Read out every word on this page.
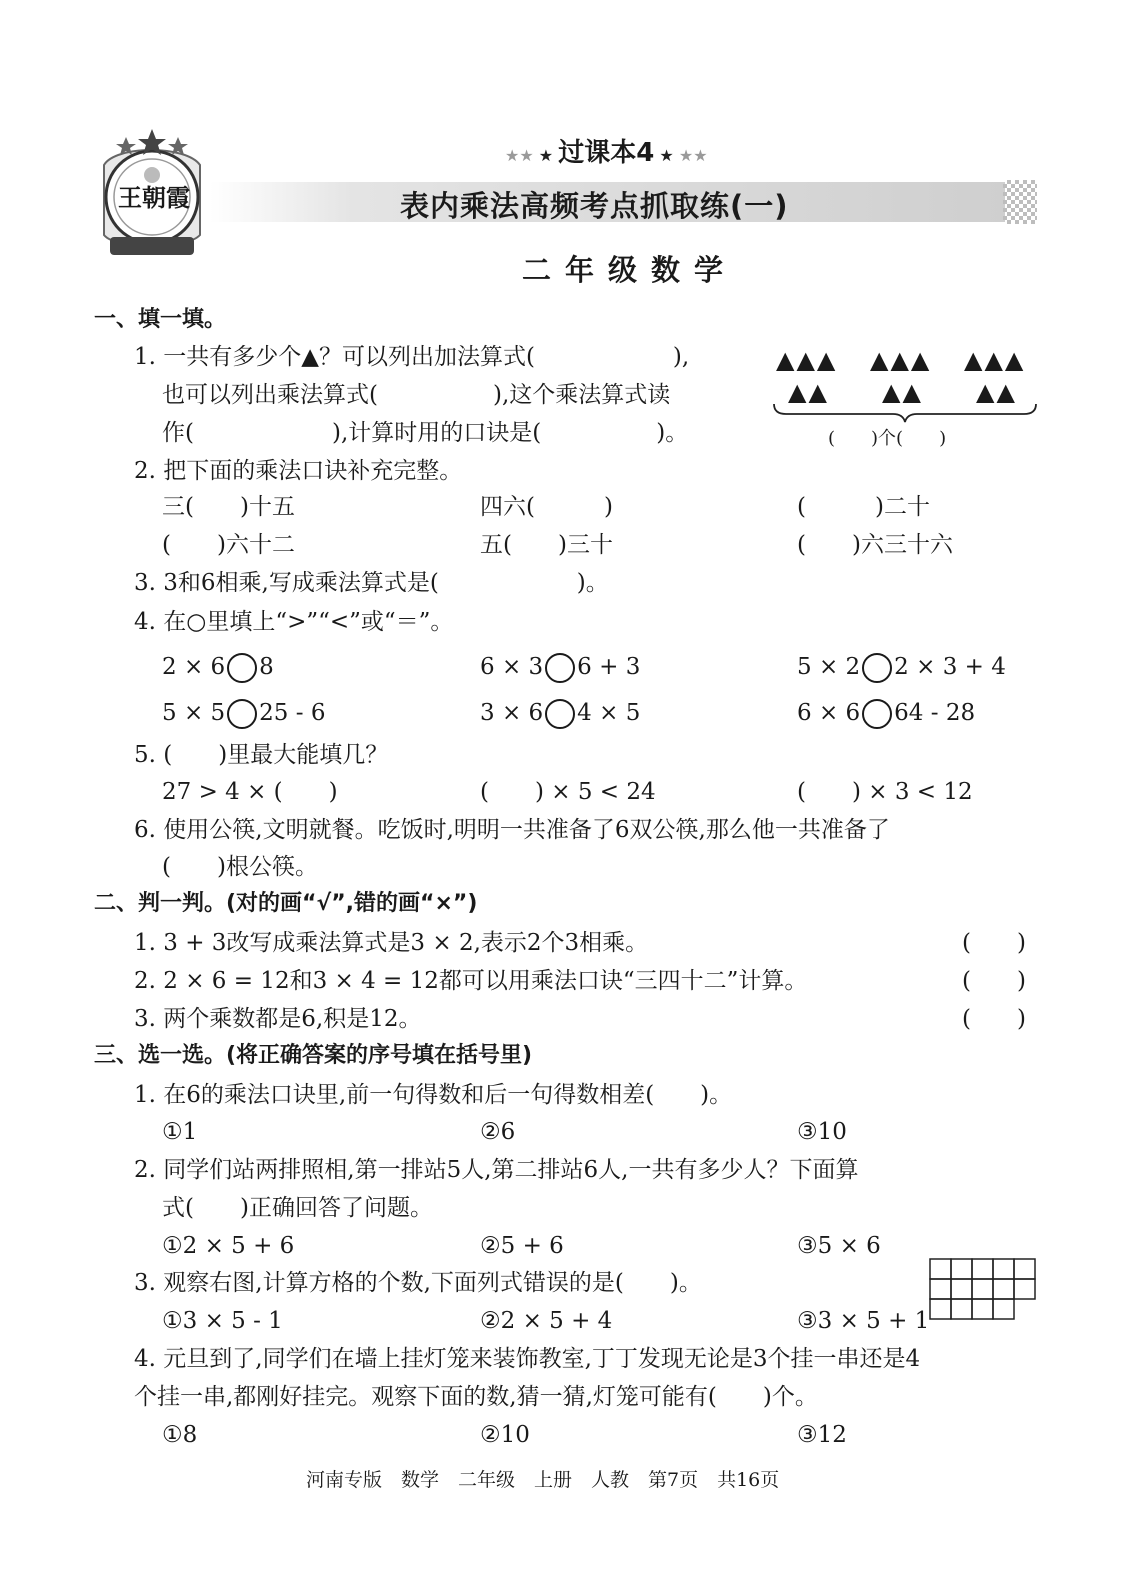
王朝霞
★★ ★ 过课本4 ★ ★★
表内乘法高频考点抓取练(一)
二年级数学
一、填一填。
1. 一共有多少个▲？可以列出加法算式(　　　　　　),
也可以列出乘法算式(　　　　　),这个乘法算式读
作(　　　　　　),计算时用的口诀是(　　　　　)。
▲▲▲ ▲▲▲ ▲▲▲
▲▲ ▲▲ ▲▲
(　　)个(　　)
2. 把下面的乘法口诀补充完整。
三(　　)十五	四六(　　　)	(　　　)二十
(　　)六十二	五(　　)三十	(　　)六三十六
3. 3和6相乘,写成乘法算式是(　　　　　　)。
4. 在○里填上“>”“<”或“＝”。
2 × 6 8	6 × 3 6 + 3	5 × 2 2 × 3 + 4
5 × 5 25 - 6	3 × 6 4 × 5	6 × 6 64 - 28
5. (　　)里最大能填几？
27 > 4 × (　　)	(　　) × 5 < 24	(　　) × 3 < 12
6. 使用公筷,文明就餐。吃饭时,明明一共准备了6双公筷,那么他一共准备了
(　　)根公筷。
二、判一判。(对的画“√”,错的画“×”)
1. 3 + 3改写成乘法算式是3 × 2,表示2个3相乘。	(　　)
2. 2 × 6 = 12和3 × 4 = 12都可以用乘法口诀“三四十二”计算。	(　　)
3. 两个乘数都是6,积是12。	(　　)
三、选一选。(将正确答案的序号填在括号里)
1. 在6的乘法口诀里,前一句得数和后一句得数相差(　　)。
①1	②6	③10
2. 同学们站两排照相,第一排站5人,第二排站6人,一共有多少人？下面算
式(　　)正确回答了问题。
①2 × 5 + 6	②5 + 6	③5 × 6
3. 观察右图,计算方格的个数,下面列式错误的是(　　)。
①3 × 5 - 1	②2 × 5 + 4	③3 × 5 + 1
4. 元旦到了,同学们在墙上挂灯笼来装饰教室,丁丁发现无论是3个挂一串还是4
个挂一串,都刚好挂完。观察下面的数,猜一猜,灯笼可能有(　　)个。
①8	②10	③12
河南专版　数学　二年级　上册　人教　第7页　共16页
